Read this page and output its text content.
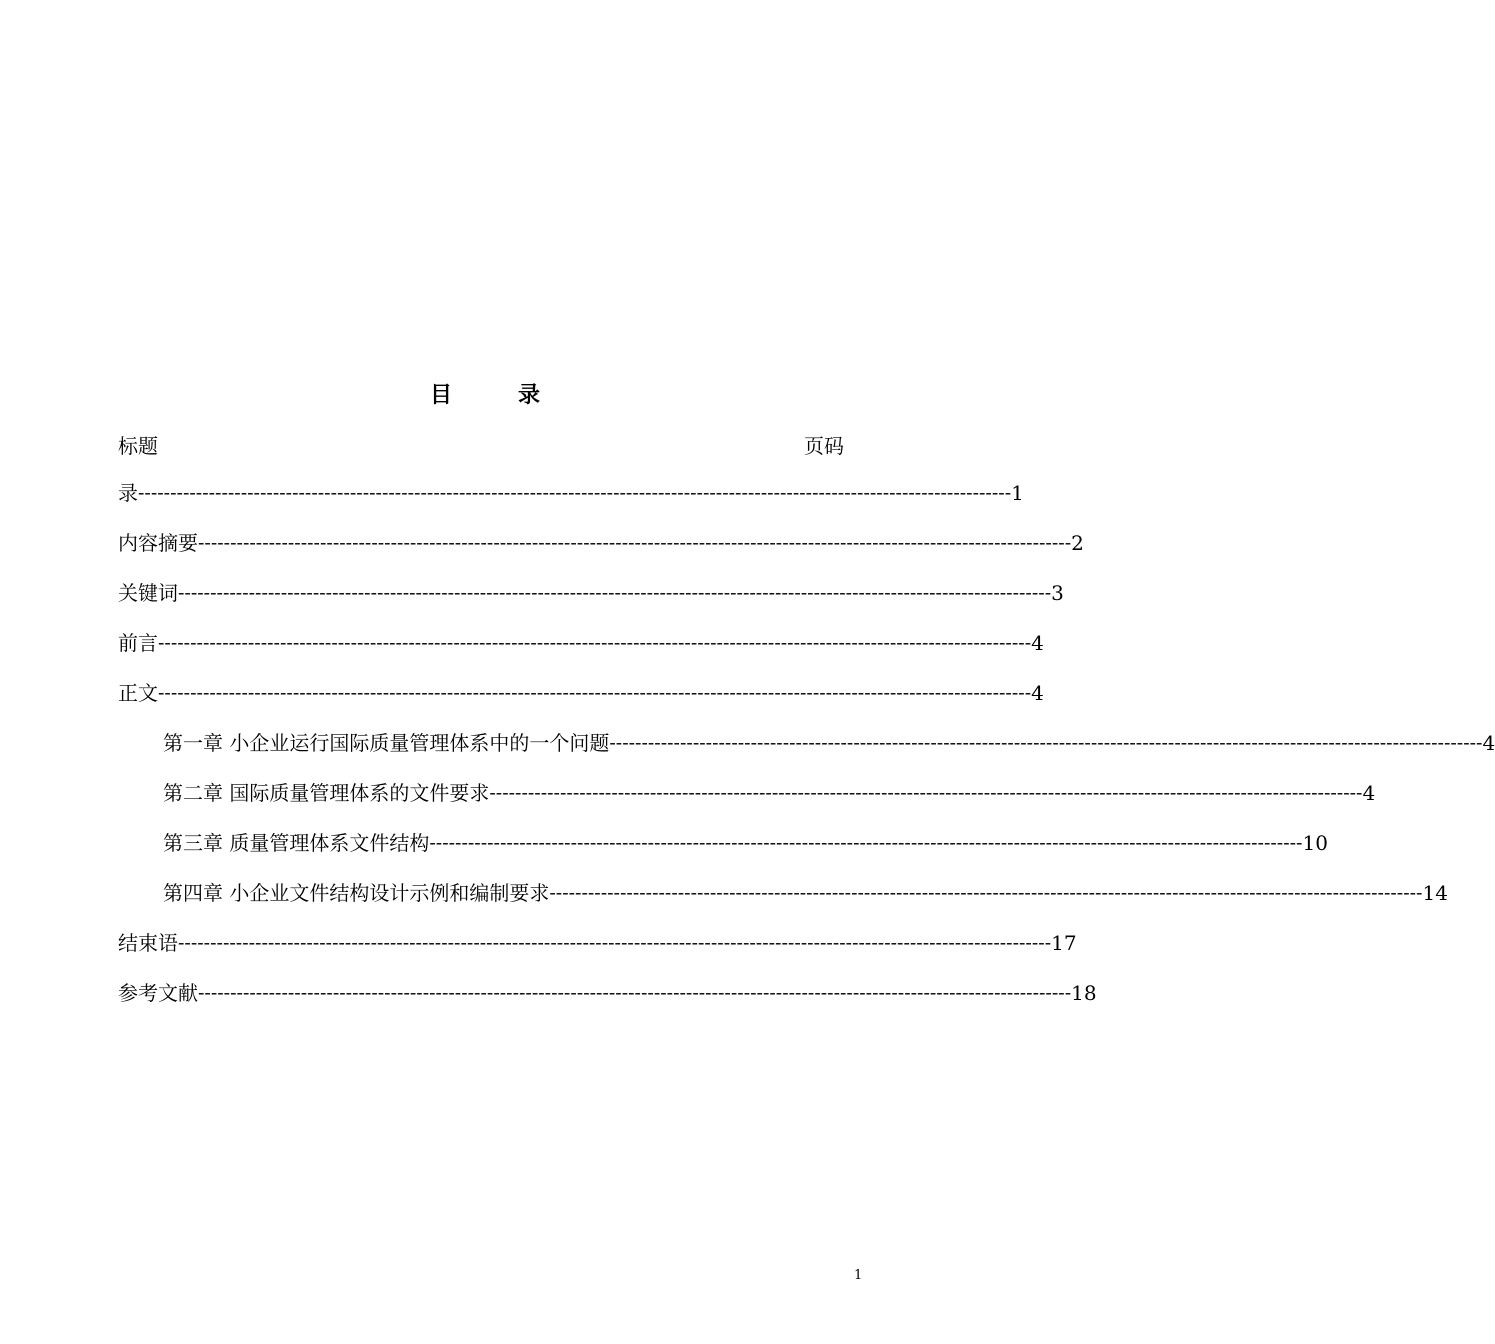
目	录
标题	页码
录 ---------------------------------------------------------------------------------------------------------------------------------------- 1
内容摘要 ---------------------------------------------------------------------------------------------------------------------------------------- 2
关键词 ---------------------------------------------------------------------------------------------------------------------------------------- 3
前言 ---------------------------------------------------------------------------------------------------------------------------------------- 4
正文 ---------------------------------------------------------------------------------------------------------------------------------------- 4
第一章 小企业运行国际质量管理体系中的一个问题 ---------------------------------------------------------------------------------------------------------------------------------------- 4
第二章 国际质量管理体系的文件要求 ---------------------------------------------------------------------------------------------------------------------------------------- 4
第三章 质量管理体系文件结构 ---------------------------------------------------------------------------------------------------------------------------------------- 10
第四章 小企业文件结构设计示例和编制要求 ---------------------------------------------------------------------------------------------------------------------------------------- 14
结束语 ---------------------------------------------------------------------------------------------------------------------------------------- 17
参考文献 ---------------------------------------------------------------------------------------------------------------------------------------- 18
1
